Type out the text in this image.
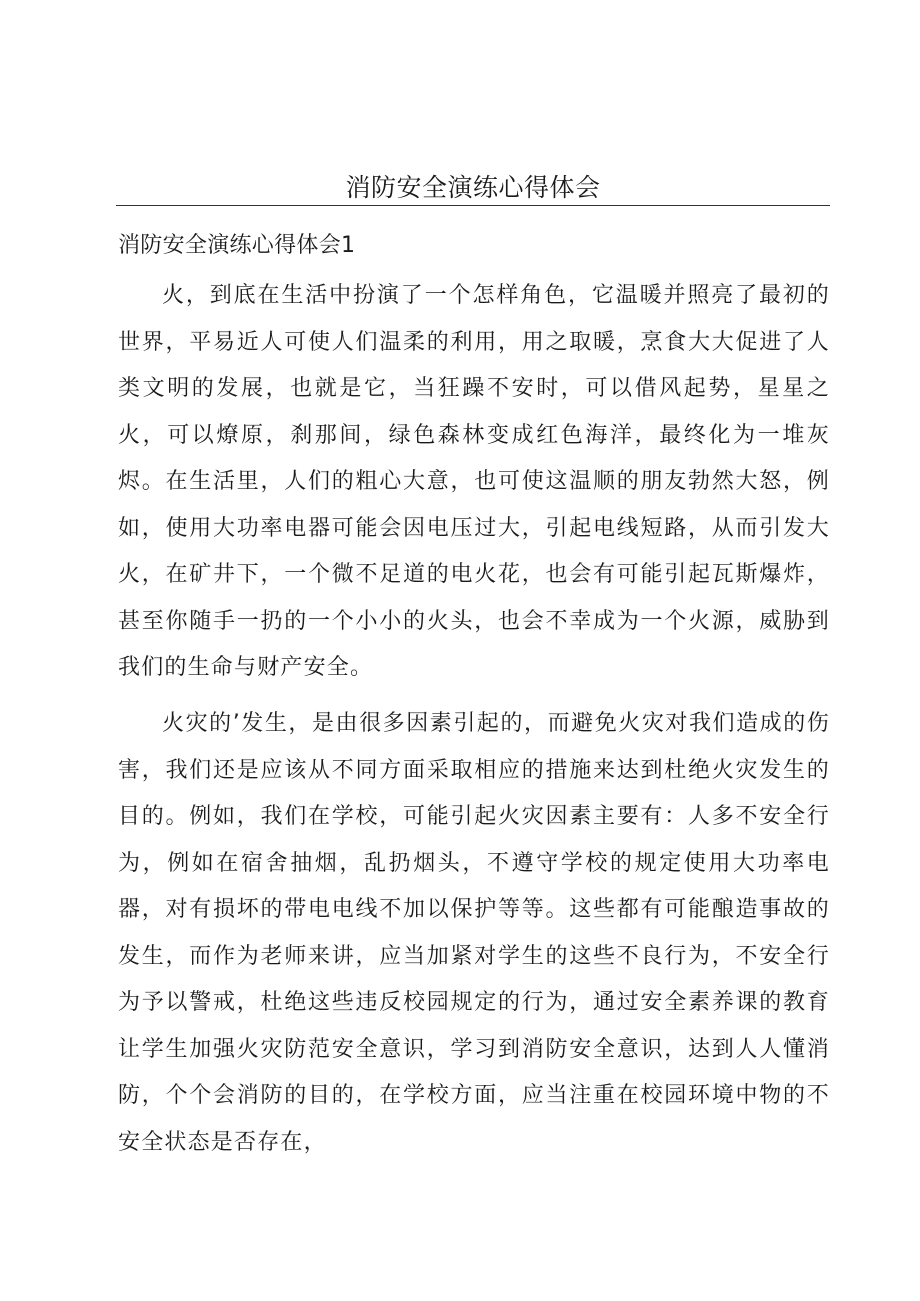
消防安全演练心得体会
消防安全演练心得体会1

火，到底在生活中扮演了一个怎样角色，它温暖并照亮了最初的世界，平易近人可使人们温柔的利用，用之取暖，烹食大大促进了人类文明的发展，也就是它，当狂躁不安时，可以借风起势，星星之火，可以燎原，刹那间，绿色森林变成红色海洋，最终化为一堆灰烬。在生活里，人们的粗心大意，也可使这温顺的朋友勃然大怒，例如，使用大功率电器可能会因电压过大，引起电线短路，从而引发大火，在矿井下，一个微不足道的电火花，也会有可能引起瓦斯爆炸，甚至你随手一扔的一个小小的火头，也会不幸成为一个火源，威胁到我们的生命与财产安全。

火灾的’发生，是由很多因素引起的，而避免火灾对我们造成的伤害，我们还是应该从不同方面采取相应的措施来达到杜绝火灾发生的目的。例如，我们在学校，可能引起火灾因素主要有：人多不安全行为，例如在宿舍抽烟，乱扔烟头，不遵守学校的规定使用大功率电器，对有损坏的带电电线不加以保护等等。这些都有可能酿造事故的发生，而作为老师来讲，应当加紧对学生的这些不良行为，不安全行为予以警戒，杜绝这些违反校园规定的行为，通过安全素养课的教育让学生加强火灾防范安全意识，学习到消防安全意识，达到人人懂消防，个个会消防的目的，在学校方面，应当注重在校园环境中物的不安全状态是否存在，
